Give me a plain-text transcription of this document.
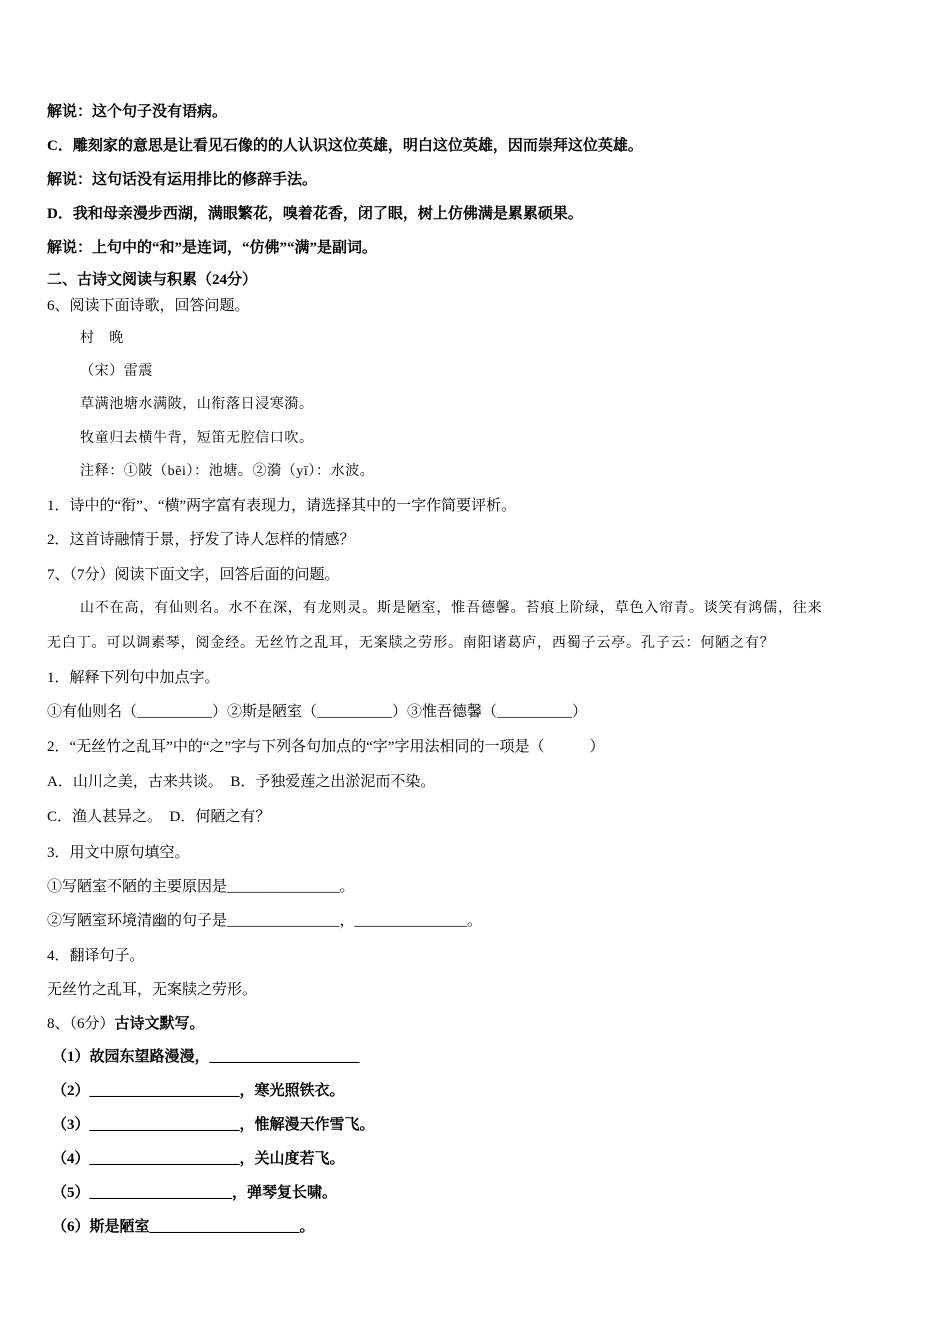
解说：这个句子没有语病。
C．雕刻家的意思是让看见石像的的人认识这位英雄，明白这位英雄，因而崇拜这位英雄。
解说：这句话没有运用排比的修辞手法。
D．我和母亲漫步西湖，满眼繁花，嗅着花香，闭了眼，树上仿佛满是累累硕果。
解说：上句中的“和”是连词，“仿佛”“满”是副词。
二、古诗文阅读与积累（24分）
6、阅读下面诗歌，回答问题。
村　晚
（宋）雷震
草满池塘水满陂，山衔落日浸寒漪。
牧童归去横牛背，短笛无腔信口吹。
注释：①陂（bēi）：池塘。②漪（yī）：水波。
1．诗中的“衔”、“横”两字富有表现力，请选择其中的一字作简要评析。
2．这首诗融情于景，抒发了诗人怎样的情感？
7、（7分）阅读下面文字，回答后面的问题。
山不在高，有仙则名。水不在深，有龙则灵。斯是陋室，惟吾德馨。苔痕上阶绿，草色入帘青。谈笑有鸿儒，往来
无白丁。可以调素琴，阅金经。无丝竹之乱耳，无案牍之劳形。南阳诸葛庐，西蜀子云亭。孔子云：何陋之有？
1．解释下列句中加点字。
①有仙则名（__________）②斯是陋室（__________）③惟吾德馨（__________）
2．“无丝竹之乱耳”中的“之”字与下列各句加点的“字”字用法相同的一项是（　　　）
A．山川之美，古来共谈。　B．予独爱莲之出淤泥而不染。
C．渔人甚异之。　D．何陋之有？
3．用文中原句填空。
①写陋室不陋的主要原因是_______________。
②写陋室环境清幽的句子是_______________，_______________。
4．翻译句子。
无丝竹之乱耳，无案牍之劳形。
8、（6分）古诗文默写。
（1）故园东望路漫漫，____________________
（2）____________________，寒光照铁衣。
（3）____________________，惟解漫天作雪飞。
（4）____________________，关山度若飞。
（5）___________________，弹琴复长啸。
（6）斯是陋室____________________。
